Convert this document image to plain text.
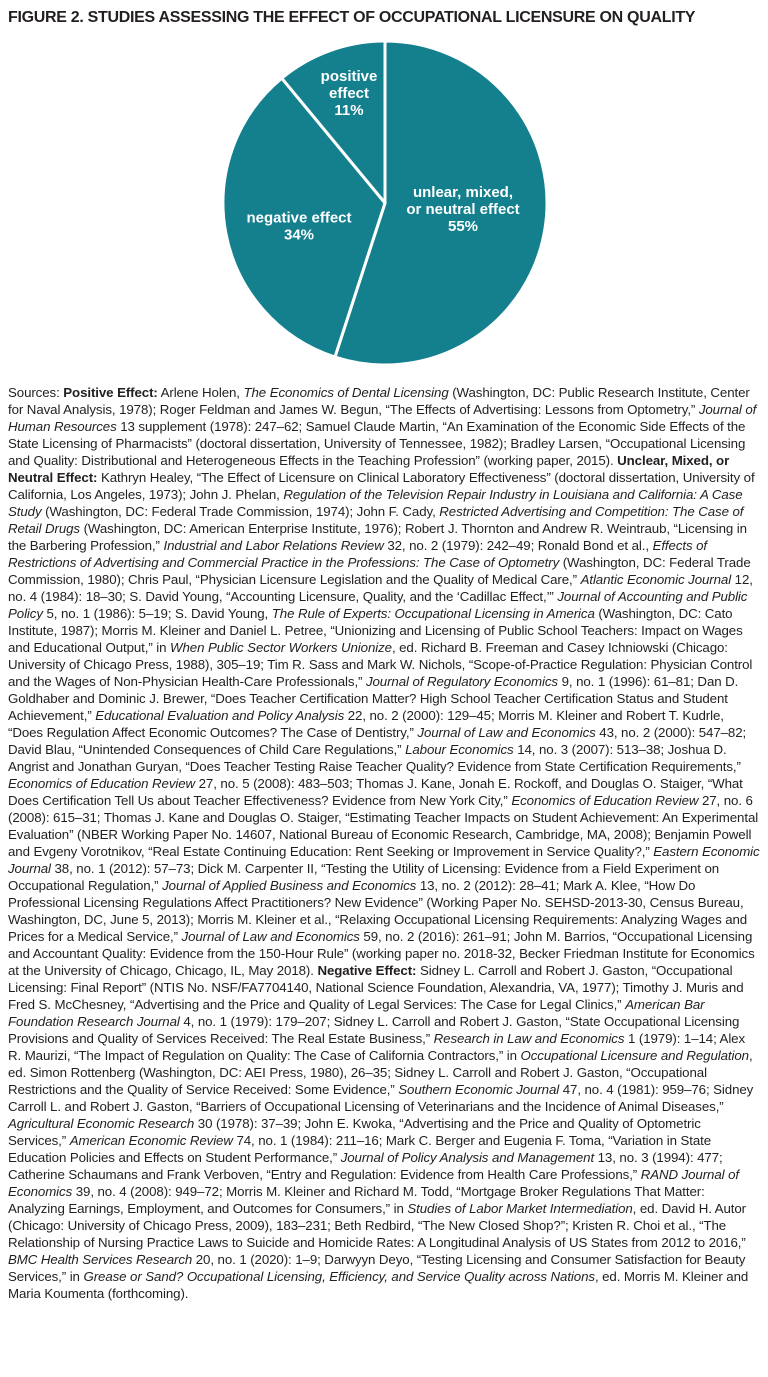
FIGURE 2. STUDIES ASSESSING THE EFFECT OF OCCUPATIONAL LICENSURE ON QUALITY
unlear, mixed,
or neutral effect
55%
negative effect
34%
positive
effect
11%

Sources: Positive Effect: Arlene Holen, The Economics of Dental Licensing (Washington, DC: Public Research Institute, Center for Naval Analysis, 1978); Roger Feldman and James W. Begun, “The Effects of Advertising: Lessons from Optometry,” Journal of Human Resources 13 supplement (1978): 247–62; Samuel Claude Martin, “An Examination of the Economic Side Effects of the State Licensing of Pharmacists” (doctoral dissertation, University of Tennessee, 1982); Bradley Larsen, “Occupational Licensing and Quality: Distributional and Heterogeneous Effects in the Teaching Profession” (working paper, 2015). Unclear, Mixed, or Neutral Effect: Kathryn Healey, “The Effect of Licensure on Clinical Laboratory Effectiveness” (doctoral dissertation, University of California, Los Angeles, 1973); John J. Phelan, Regulation of the Television Repair Industry in Louisiana and California: A Case Study (Washington, DC: Federal Trade Commission, 1974); John F. Cady, Restricted Advertising and Competition: The Case of Retail Drugs (Washington, DC: American Enterprise Institute, 1976); Robert J. Thornton and Andrew R. Weintraub, “Licensing in the Barbering Profession,” Industrial and Labor Relations Review 32, no. 2 (1979): 242–49; Ronald Bond et al., Effects of Restrictions of Advertising and Commercial Practice in the Professions: The Case of Optometry (Washington, DC: Federal Trade Commission, 1980); Chris Paul, “Physician Licensure Legislation and the Quality of Medical Care,” Atlantic Economic Journal 12, no. 4 (1984): 18–30; S. David Young, “Accounting Licensure, Quality, and the ‘Cadillac Effect,’” Journal of Accounting and Public Policy 5, no. 1 (1986): 5–19; S. David Young, The Rule of Experts: Occupational Licensing in America (Washington, DC: Cato Institute, 1987); Morris M. Kleiner and Daniel L. Petree, “Unionizing and Licensing of Public School Teachers: Impact on Wages and Educational Output,” in When Public Sector Workers Unionize, ed. Richard B. Freeman and Casey Ichniowski (Chicago: University of Chicago Press, 1988), 305–19; Tim R. Sass and Mark W. Nichols, “Scope-of-Practice Regulation: Physician Control and the Wages of Non-Physician Health-Care Professionals,” Journal of Regulatory Economics 9, no. 1 (1996): 61–81; Dan D. Goldhaber and Dominic J. Brewer, “Does Teacher Certification Matter? High School Teacher Certification Status and Student Achievement,” Educational Evaluation and Policy Analysis 22, no. 2 (2000): 129–45; Morris M. Kleiner and Robert T. Kudrle, “Does Regulation Affect Economic Outcomes? The Case of Dentistry,” Journal of Law and Economics 43, no. 2 (2000): 547–82; David Blau, “Unintended Consequences of Child Care Regulations,” Labour Economics 14, no. 3 (2007): 513–38; Joshua D. Angrist and Jonathan Guryan, “Does Teacher Testing Raise Teacher Quality? Evidence from State Certification Requirements,” Economics of Education Review 27, no. 5 (2008): 483–503; Thomas J. Kane, Jonah E. Rockoff, and Douglas O. Staiger, “What Does Certification Tell Us about Teacher Effectiveness? Evidence from New York City,” Economics of Education Review 27, no. 6 (2008): 615–31; Thomas J. Kane and Douglas O. Staiger, “Estimating Teacher Impacts on Student Achievement: An Experimental Evaluation” (NBER Working Paper No. 14607, National Bureau of Economic Research, Cambridge, MA, 2008); Benjamin Powell and Evgeny Vorotnikov, “Real Estate Continuing Education: Rent Seeking or Improvement in Service Quality?,” Eastern Economic Journal 38, no. 1 (2012): 57–73; Dick M. Carpenter II, “Testing the Utility of Licensing: Evidence from a Field Experiment on Occupational Regulation,” Journal of Applied Business and Economics 13, no. 2 (2012): 28–41; Mark A. Klee, “How Do Professional Licensing Regulations Affect Practitioners? New Evidence” (Working Paper No. SEHSD-2013-30, Census Bureau, Washington, DC, June 5, 2013); Morris M. Kleiner et al., “Relaxing Occupational Licensing Requirements: Analyzing Wages and Prices for a Medical Service,” Journal of Law and Economics 59, no. 2 (2016): 261–91; John M. Barrios, “Occupational Licensing and Accountant Quality: Evidence from the 150-Hour Rule” (working paper no. 2018-32, Becker Friedman Institute for Economics at the University of Chicago, Chicago, IL, May 2018). Negative Effect: Sidney L. Carroll and Robert J. Gaston, “Occupational Licensing: Final Report” (NTIS No. NSF/FA7704140, National Science Foundation, Alexandria, VA, 1977); Timothy J. Muris and Fred S. McChesney, “Advertising and the Price and Quality of Legal Services: The Case for Legal Clinics,” American Bar Foundation Research Journal 4, no. 1 (1979): 179–207; Sidney L. Carroll and Robert J. Gaston, “State Occupational Licensing Provisions and Quality of Services Received: The Real Estate Business,” Research in Law and Economics 1 (1979): 1–14; Alex R. Maurizi, “The Impact of Regulation on Quality: The Case of California Contractors,” in Occupational Licensure and Regulation, ed. Simon Rottenberg (Washington, DC: AEI Press, 1980), 26–35; Sidney L. Carroll and Robert J. Gaston, “Occupational Restrictions and the Quality of Service Received: Some Evidence,” Southern Economic Journal 47, no. 4 (1981): 959–76; Sidney Carroll L. and Robert J. Gaston, “Barriers of Occupational Licensing of Veterinarians and the Incidence of Animal Diseases,” Agricultural Economic Research 30 (1978): 37–39; John E. Kwoka, “Advertising and the Price and Quality of Optometric Services,” American Economic Review 74, no. 1 (1984): 211–16; Mark C. Berger and Eugenia F. Toma, “Variation in State Education Policies and Effects on Student Performance,” Journal of Policy Analysis and Management 13, no. 3 (1994): 477; Catherine Schaumans and Frank Verboven, “Entry and Regulation: Evidence from Health Care Professions,” RAND Journal of Economics 39, no. 4 (2008): 949–72; Morris M. Kleiner and Richard M. Todd, “Mortgage Broker Regulations That Matter: Analyzing Earnings, Employment, and Outcomes for Consumers,” in Studies of Labor Market Intermediation, ed. David H. Autor (Chicago: University of Chicago Press, 2009), 183–231; Beth Redbird, “The New Closed Shop?”; Kristen R. Choi et al., “The Relationship of Nursing Practice Laws to Suicide and Homicide Rates: A Longitudinal Analysis of US States from 2012 to 2016,” BMC Health Services Research 20, no. 1 (2020): 1–9; Darwyyn Deyo, “Testing Licensing and Consumer Satisfaction for Beauty Services,” in Grease or Sand? Occupational Licensing, Efficiency, and Service Quality across Nations, ed. Morris M. Kleiner and Maria Koumenta (forthcoming).
